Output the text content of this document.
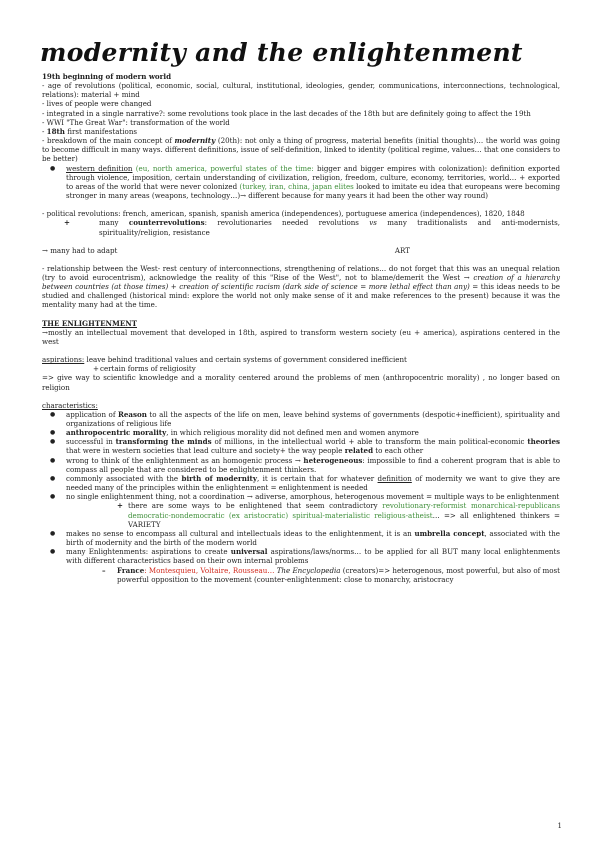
modernity and the enlightenment

19th beginning of modern world

- age of revolutions (political, economic, social, cultural, institutional, ideologies, gender, communications, interconnections, technological, relations): material + mind

- lives of people were changed

- integrated in a single narrative?: some revolutions took place in the last decades of the 18th but are definitely going to affect the 19th

- WWI "The Great War": transformation of the world

- 18th first manifestations

- breakdown of the main concept of modernity (20th): not only a thing of progress, material benefits (initial thoughts)… the world was going to become difficult in many ways. different definitions, issue of self-definition, linked to identity (political regime, values… that one considers to be better)

● western definition (eu, north america, powerful states of the time: bigger and bigger empires with colonization): definition exported through violence, imposition, certain understanding of civilization, religion, freedom, culture, economy, territories, world… + exported to areas of the world that were never colonized (turkey, iran, china, japan elites looked to imitate eu idea that europeans were becoming stronger in many areas (weapons, technology…)→ different because for many years it had been the other way round)

- political revolutions: french, american, spanish, spanish america (independences), portuguese america (independences), 1820, 1848

+ many counterrevolutions: revolutionaries needed revolutions vs many traditionalists and anti-modernists, spirituality/religion, resistance

→ many had to adapt	ART

- relationship between the West- rest century of interconnections, strengthening of relations… do not forget that this was an unequal relation (try to avoid eurocentrism), acknowledge the reality of this "Rise of the West", not to blame/demerit the West → creation of a hierarchy between countries (at those times) + creation of scientific racism (dark side of science = more lethal effect than any) = this ideas needs to be studied and challenged (historical mind: explore the world not only make sense of it and make references to the present) because it was the mentality many had at the time.

THE ENLIGHTENMENT

→mostly an intellectual movement that developed in 18th, aspired to transform western society (eu + america), aspirations centered in the west

aspirations: leave behind traditional values and certain systems of government considered inefficient

+ certain forms of religiosity

=> give way to scientific knowledge and a morality centered around the problems of men (anthropocentric morality) , no longer based on religion

characteristics:

● application of Reason to all the aspects of the life on men, leave behind systems of governments (despotic+inefficient), spirituality and organizations of religious life

● anthropocentric morality, in which religious morality did not defined men and women anymore

● successful in transforming the minds of millions, in the intellectual world + able to transform the main political-economic theories that were in western societies that lead culture and society+ the way people related to each other

● wrong to think of the enlightenment as an homogenic process → heterogeneous: impossible to find a coherent program that is able to compass all people that are considered to be enlightenment thinkers.

● commonly associated with the birth of modernity, it is certain that for whatever definition of modernity we want to give they are needed many of the principles within the enlightenment = enlightenment is needed

● no single enlightenment thing, not a coordination → adiverse, amorphous, heterogenous movement = multiple ways to be enlightenment

+ there are some ways to be enlightened that seem contradictory revolutionary-reformist monarchical-republicans democratic-nondemocratic (ex aristocratic) spiritual-materialistic religious-atheist… => all enlightened thinkers = VARIETY

● makes no sense to encompass all cultural and intellectuals ideas to the enlightenment, it is an umbrella concept, associated with the birth of modernity and the birth of the modern world

● many Enlightenments: aspirations to create universal aspirations/laws/norms… to be applied for all BUT many local enlightenments with different characteristics based on their own internal problems

– France: Montesquieu, Voltaire, Rousseau… The Encyclopedia (creators)=> heterogenous, most powerful, but also of most powerful opposition to the movement (counter-enlightenment: close to monarchy, aristocracy

1
